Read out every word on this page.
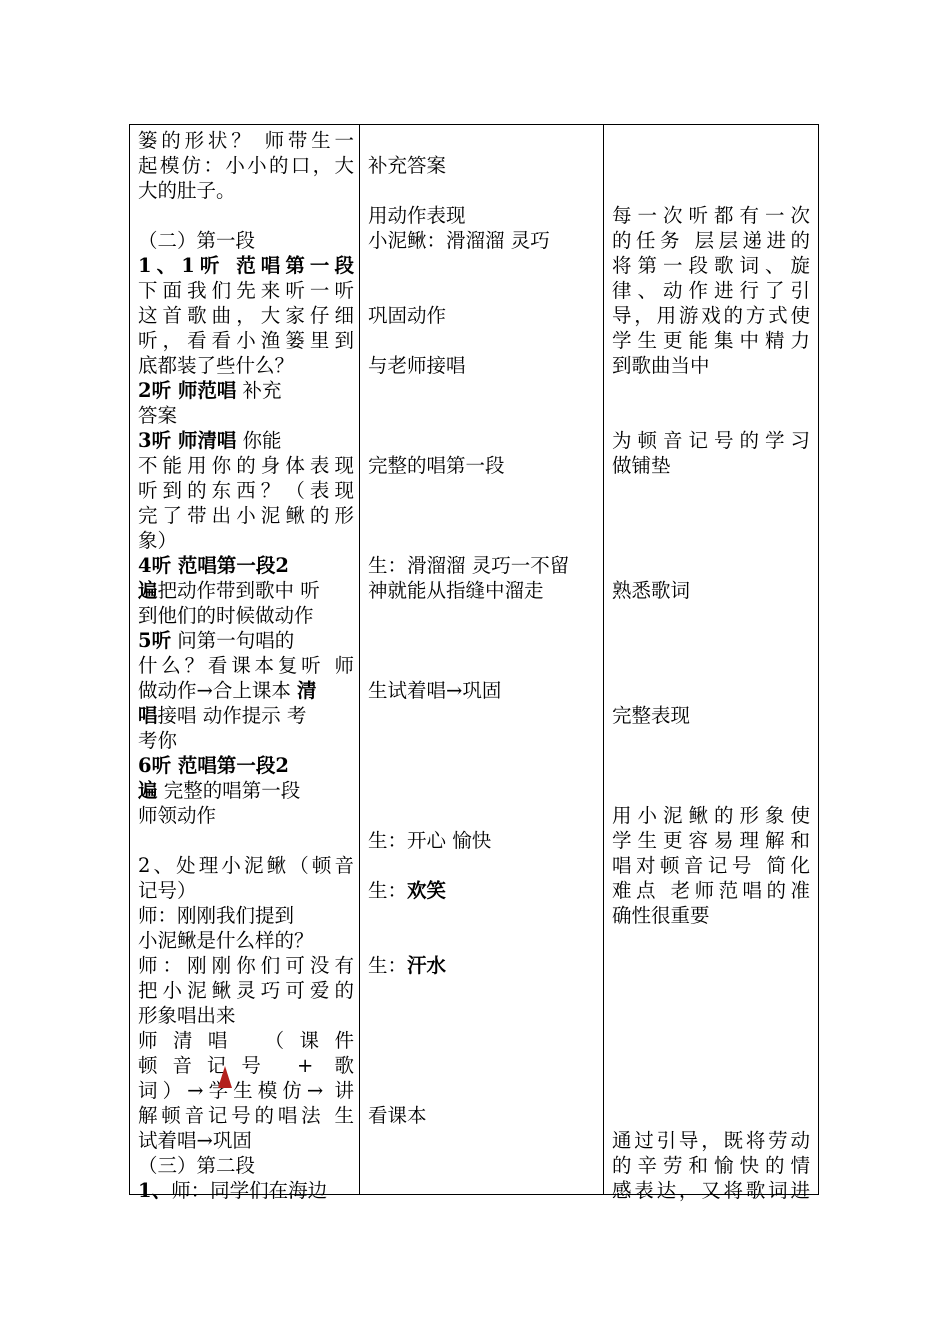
篓的形状？ 师带生一
起模仿：小小的口，大
大的肚子。
（二）第一段
1、1听 范唱第一段
下面我们先来听一听
这首歌曲，大家仔细
听，看看小渔篓里到
底都装了些什么？
2听 师范唱 补充
答案
3听 师清唱 你能
不能用你的身体表现
听到的东西？（表现
完了带出小泥鳅的形
象）
4听 范唱第一段2
遍把动作带到歌中 听
到他们的时候做动作
5听 问第一句唱的
什么？看课本复听 师
做动作→合上课本 清
唱接唱 动作提示 考
考你
6听 范唱第一段2
遍 完整的唱第一段
师领动作
2、处理小泥鳅（顿音
记号）
师：刚刚我们提到
小泥鳅是什么样的？
师：刚刚你们可没有
把小泥鳅灵巧可爱的
形象唱出来
师清唱 （课件
顿音记号 + 歌
词）→学生模仿→ 讲
解顿音记号的唱法 生
试着唱→巩固
（三）第二段
1、师：同学们在海边
补充答案
用动作表现
小泥鳅：滑溜溜 灵巧
巩固动作
与老师接唱
完整的唱第一段
生：滑溜溜 灵巧一不留
神就能从指缝中溜走
生试着唱→巩固
生：开心 愉快
生：欢笑
生：汗水
看课本
每一次听都有一次
的任务 层层递进的
将第一段歌词、旋
律、动作进行了引
导，用游戏的方式使
学生更能集中精力
到歌曲当中
为顿音记号的学习
做铺垫
熟悉歌词
完整表现
用小泥鳅的形象使
学生更容易理解和
唱对顿音记号 简化
难点 老师范唱的准
确性很重要
通过引导，既将劳动
的辛劳和愉快的情
感表达，又将歌词进
